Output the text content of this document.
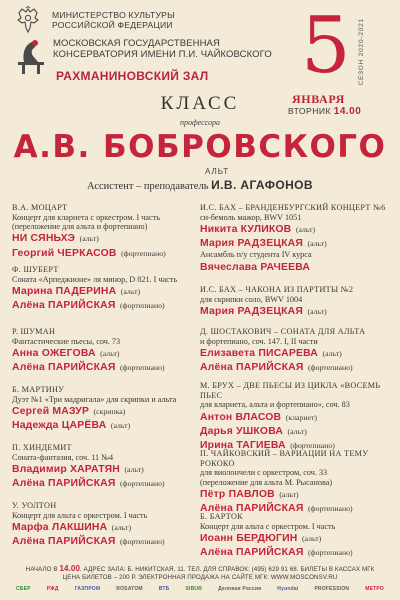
МИНИСТЕРСТВО КУЛЬТУРЫ
РОССИЙСКОЙ ФЕДЕРАЦИИ
МОСКОВСКАЯ ГОСУДАРСТВЕННАЯ
КОНСЕРВАТОРИЯ ИМЕНИ П.И. ЧАЙКОВСКОГО
РАХМАНИНОВСКИЙ ЗАЛ 5 СЕЗОН 2020-2021
ЯНВАРЯ
ВТОРНИК 14.00
КЛАСС
профессора
А.В. БОБРОВСКОГО
АЛЬТ
Ассистент – преподаватель И.В. АГАФОНОВ
В.А. МОЦАРТ
Концерт для кларнета с оркестром. I часть
(переложение для альта и фортепиано)
НИ СЯНЬХЭ (альт)
Георгий ЧЕРКАСОВ (фортепиано)
Ф. ШУБЕРТ
Соната «Арпеджионе» ля минор, D 821. I часть
Марина ПАДЕРИНА (альт)
Алёна ПАРИЙСКАЯ (фортепиано)
Р. ШУМАН
Фантастические пьесы, соч. 73
Анна ОЖЕГОВА (альт)
Алёна ПАРИЙСКАЯ (фортепиано)
Б. МАРТИНУ
Дуэт №1 «Три мадригала» для скрипки и альта
Сергей МАЗУР (скрипка)
Надежда ЦАРЁВА (альт)
П. ХИНДЕМИТ
Соната-фантазия, соч. 11 №4
Владимир ХАРАТЯН (альт)
Алёна ПАРИЙСКАЯ (фортепиано)
У. УОЛТОН
Концерт для альта с оркестром. I часть
Марфа ЛАКШИНА (альт)
Алёна ПАРИЙСКАЯ (фортепиано)
И.С. БАХ – БРАНДЕНБУРГСКИЙ КОНЦЕРТ №6
си-бемоль мажор, BWV 1051
Никита КУЛИКОВ (альт)
Мария РАДЗЕЦКАЯ (альт)
Ансамбль п/у студента IV курса
Вячеслава РАЧЕЕВА
И.С. БАХ – ЧАКОНА ИЗ ПАРТИТЫ №2
для скрипки соло, BWV 1004
Мария РАДЗЕЦКАЯ (альт)
Д. ШОСТАКОВИЧ – СОНАТА ДЛЯ АЛЬТА
и фортепиано, соч. 147. I, II части
Елизавета ПИСАРЕВА (альт)
Алёна ПАРИЙСКАЯ (фортепиано)
М. БРУХ – ДВЕ ПЬЕСЫ ИЗ ЦИКЛА «ВОСЕМЬ ПЬЕС
для кларнета, альта и фортепиано», соч. 83
Антон ВЛАСОВ (кларнет)
Дарья УШКОВА (альт)
Ирина ТАГИЕВА (фортепиано)
П. ЧАЙКОВСКИЙ – ВАРИАЦИИ НА ТЕМУ РОКОКО
для виолончели с оркестром, соч. 33
(переложение для альта М. Рысанова)
Пётр ПАВЛОВ (альт)
Алёна ПАРИЙСКАЯ (фортепиано)
Б. БАРТОК
Концерт для альта с оркестром. I часть
Иоанн БЕРДЮГИН (альт)
Алёна ПАРИЙСКАЯ (фортепиано)
НАЧАЛО В 14.00. АДРЕС ЗАЛА: Б. НИКИТСКАЯ, 11. ТЕЛ. ДЛЯ СПРАВОК: (495) 629 91 68. БИЛЕТЫ В КАССАХ МГК
ЦЕНА БИЛЕТОВ – 200 Р. ЭЛЕКТРОННАЯ ПРОДАЖА НА САЙТЕ МГК: WWW.MOSCONSV.RU
СБЕР	РЖД	ГАЗПРОМ	ROSATOM	ВТБ	SIBUR	Деловая Россия	Hyundai	PROFESSION	МЕТРО
